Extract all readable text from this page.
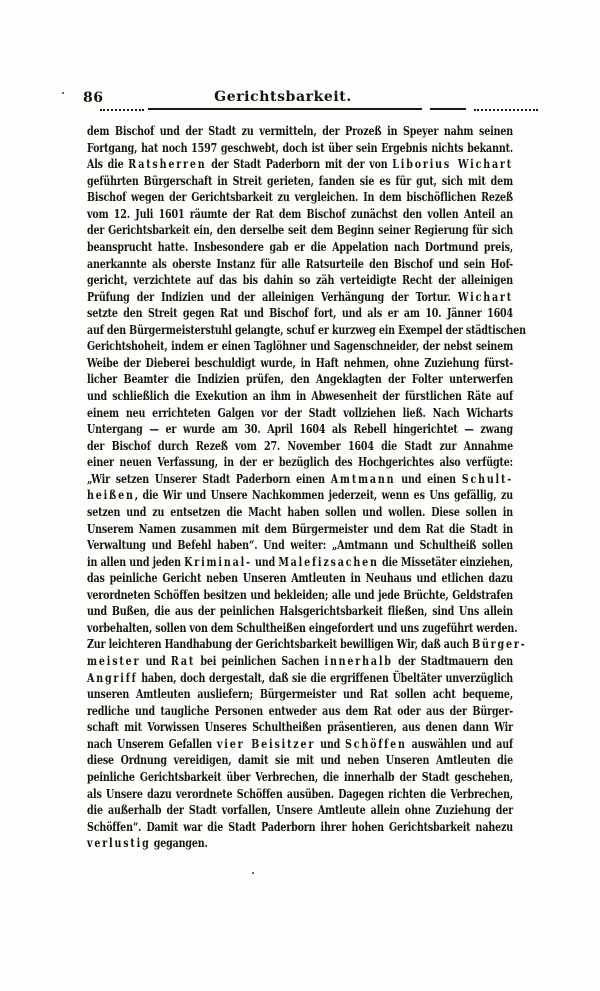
86	Gerichtsbarkeit.
dem Bischof und der Stadt zu vermitteln, der Prozeß in Speyer nahm seinen
Fortgang, hat noch 1597 geschwebt, doch ist über sein Ergebnis nichts bekannt.
Als die Ratsherren der Stadt Paderborn mit der von Liborius Wichart
geführten Bürgerschaft in Streit gerieten, fanden sie es für gut, sich mit dem
Bischof wegen der Gerichtsbarkeit zu vergleichen. In dem bischöflichen Rezeß
vom 12. Juli 1601 räumte der Rat dem Bischof zunächst den vollen Anteil an
der Gerichtsbarkeit ein, den derselbe seit dem Beginn seiner Regierung für sich
beansprucht hatte. Insbesondere gab er die Appelation nach Dortmund preis,
anerkannte als oberste Instanz für alle Ratsurteile den Bischof und sein Hof-
gericht, verzichtete auf das bis dahin so zäh verteidigte Recht der alleinigen
Prüfung der Indizien und der alleinigen Verhängung der Tortur. Wichart
setzte den Streit gegen Rat und Bischof fort, und als er am 10. Jänner 1604
auf den Bürgermeisterstuhl gelangte, schuf er kurzweg ein Exempel der städtischen
Gerichtshoheit, indem er einen Taglöhner und Sagenschneider, der nebst seinem
Weibe der Dieberei beschuldigt wurde, in Haft nehmen, ohne Zuziehung fürst-
licher Beamter die Indizien prüfen, den Angeklagten der Folter unterwerfen
und schließlich die Exekution an ihm in Abwesenheit der fürstlichen Räte auf
einem neu errichteten Galgen vor der Stadt vollziehen ließ. Nach Wicharts
Untergang — er wurde am 30. April 1604 als Rebell hingerichtet — zwang
der Bischof durch Rezeß vom 27. November 1604 die Stadt zur Annahme
einer neuen Verfassung, in der er bezüglich des Hochgerichtes also verfügte:
„Wir setzen Unserer Stadt Paderborn einen Amtmann und einen Schult-
heißen, die Wir und Unsere Nachkommen jederzeit, wenn es Uns gefällig, zu
setzen und zu entsetzen die Macht haben sollen und wollen. Diese sollen in
Unserem Namen zusammen mit dem Bürgermeister und dem Rat die Stadt in
Verwaltung und Befehl haben“. Und weiter: „Amtmann und Schultheiß sollen
in allen und jeden Kriminal- und Malefizsachen die Missetäter einziehen,
das peinliche Gericht neben Unseren Amtleuten in Neuhaus und etlichen dazu
verordneten Schöffen besitzen und bekleiden; alle und jede Brüchte, Geldstrafen
und Bußen, die aus der peinlichen Halsgerichtsbarkeit fließen, sind Uns allein
vorbehalten, sollen von dem Schultheißen eingefordert und uns zugeführt werden.
Zur leichteren Handhabung der Gerichtsbarkeit bewilligen Wir, daß auch Bürger-
meister und Rat bei peinlichen Sachen innerhalb der Stadtmauern den
Angriff haben, doch dergestalt, daß sie die ergriffenen Übeltäter unverzüglich
unseren Amtleuten ausliefern; Bürgermeister und Rat sollen acht bequeme,
redliche und taugliche Personen entweder aus dem Rat oder aus der Bürger-
schaft mit Vorwissen Unseres Schultheißen präsentieren, aus denen dann Wir
nach Unserem Gefallen vier Beisitzer und Schöffen auswählen und auf
diese Ordnung vereidigen, damit sie mit und neben Unseren Amtleuten die
peinliche Gerichtsbarkeit über Verbrechen, die innerhalb der Stadt geschehen,
als Unsere dazu verordnete Schöffen ausüben. Dagegen richten die Verbrechen,
die außerhalb der Stadt vorfallen, Unsere Amtleute allein ohne Zuziehung der
Schöffen“. Damit war die Stadt Paderborn ihrer hohen Gerichtsbarkeit nahezu
verlustig gegangen.
